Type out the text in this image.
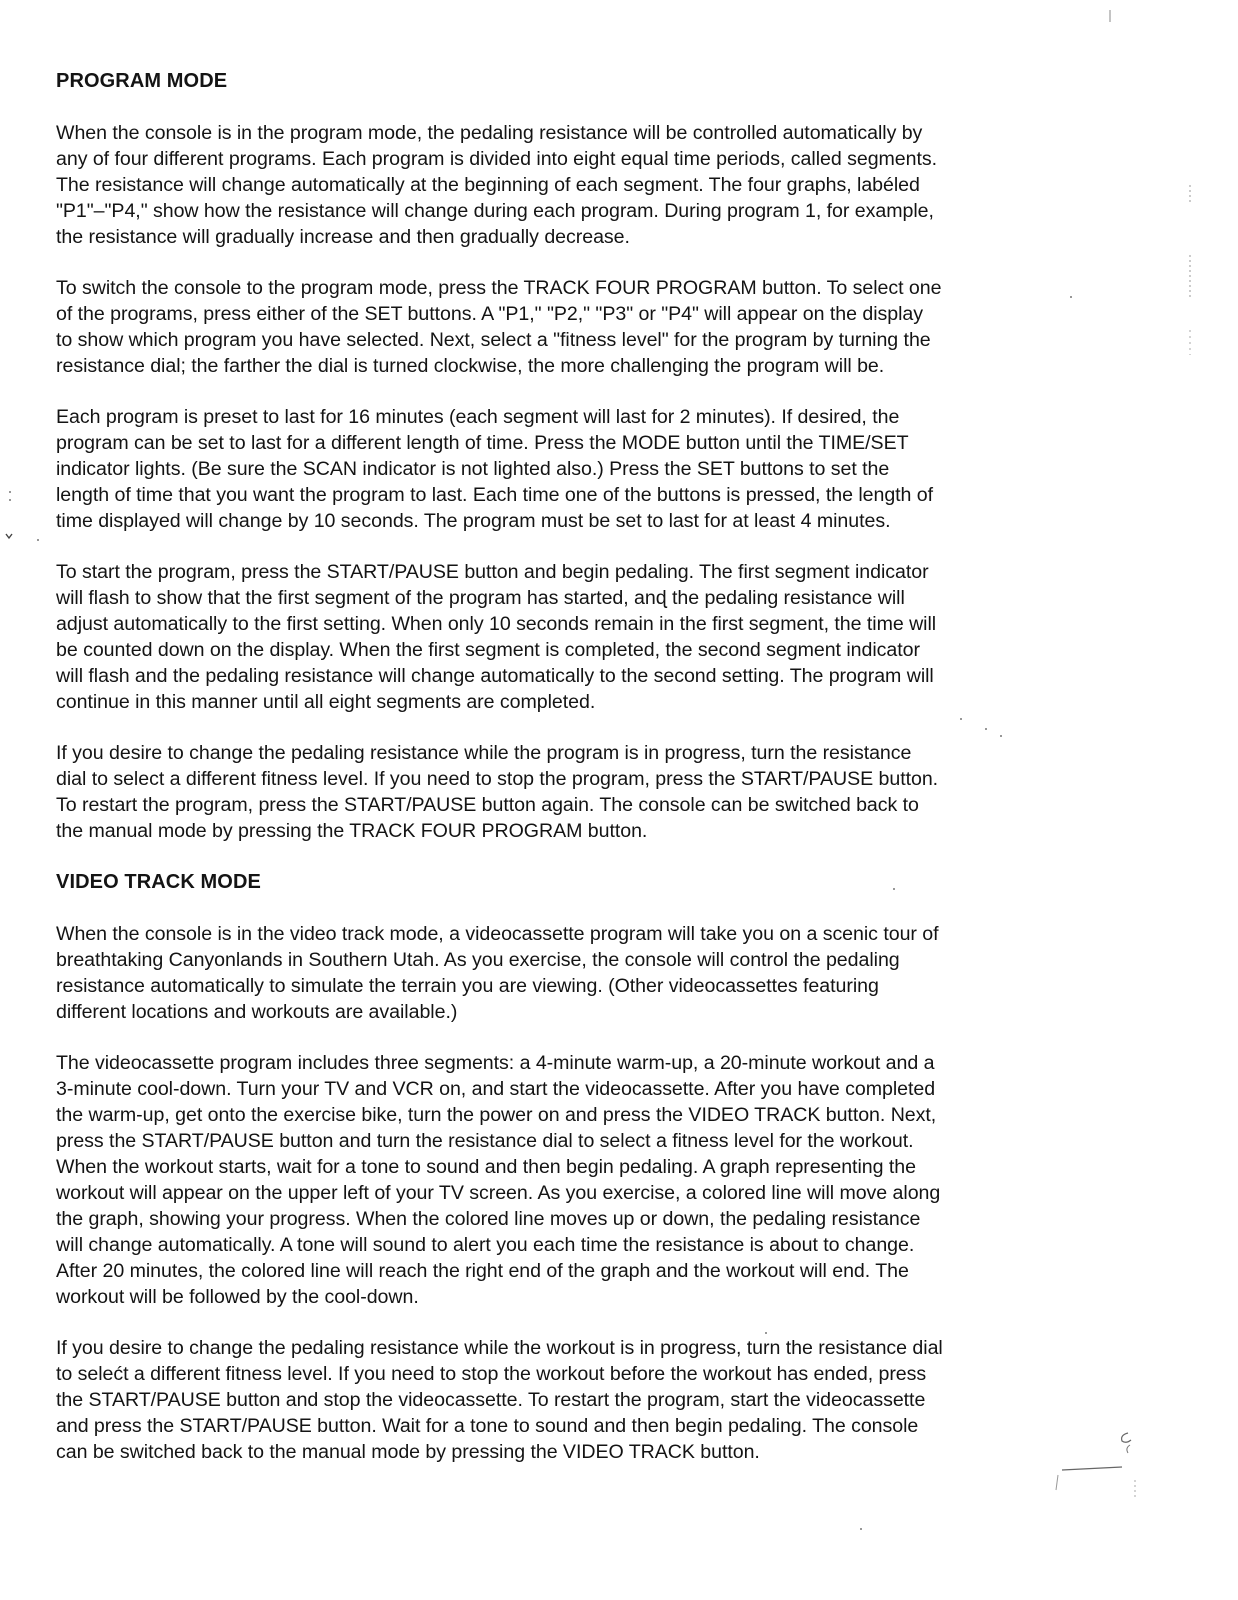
PROGRAM MODE
When the console is in the program mode, the pedaling resistance will be controlled automatically by
any of four different programs. Each program is divided into eight equal time periods, called segments.
The resistance will change automatically at the beginning of each segment. The four graphs, labéled
"P1"–"P4," show how the resistance will change during each program. During program 1, for example,
the resistance will gradually increase and then gradually decrease.
To switch the console to the program mode, press the TRACK FOUR PROGRAM button. To select one
of the programs, press either of the SET buttons. A "P1," "P2," "P3" or "P4" will appear on the display
to show which program you have selected. Next, select a "fitness level" for the program by turning the
resistance dial; the farther the dial is turned clockwise, the more challenging the program will be.
Each program is preset to last for 16 minutes (each segment will last for 2 minutes). If desired, the
program can be set to last for a different length of time. Press the MODE button until the TIME/SET
indicator lights. (Be sure the SCAN indicator is not lighted also.) Press the SET buttons to set the
length of time that you want the program to last. Each time one of the buttons is pressed, the length of
time displayed will change by 10 seconds. The program must be set to last for at least 4 minutes.
To start the program, press the START/PAUSE button and begin pedaling. The first segment indicator
will flash to show that the first segment of the program has started, anɖ the pedaling resistance will
adjust automatically to the first setting. When only 10 seconds remain in the first segment, the time will
be counted down on the display. When the first segment is completed, the second segment indicator
will flash and the pedaling resistance will change automatically to the second setting. The program will
continue in this manner until all eight segments are completed.
If you desire to change the pedaling resistance while the program is in progress, turn the resistance
dial to select a different fitness level. If you need to stop the program, press the START/PAUSE button.
To restart the program, press the START/PAUSE button again. The console can be switched back to
the manual mode by pressing the TRACK FOUR PROGRAM button.
VIDEO TRACK MODE
When the console is in the video track mode, a videocassette program will take you on a scenic tour of
breathtaking Canyonlands in Southern Utah. As you exercise, the console will control the pedaling
resistance automatically to simulate the terrain you are viewing. (Other videocassettes featuring
different locations and workouts are available.)
The videocassette program includes three segments: a 4-minute warm-up, a 20-minute workout and a
3-minute cool-down. Turn your TV and VCR on, and start the videocassette. After you have completed
the warm-up, get onto the exercise bike, turn the power on and press the VIDEO TRACK button. Next,
press the START/PAUSE button and turn the resistance dial to select a fitness level for the workout.
When the workout starts, wait for a tone to sound and then begin pedaling. A graph representing the
workout will appear on the upper left of your TV screen. As you exercise, a colored line will move along
the graph, showing your progress. When the colored line moves up or down, the pedaling resistance
will change automatically. A tone will sound to alert you each time the resistance is about to change.
After 20 minutes, the colored line will reach the right end of the graph and the workout will end. The
workout will be followed by the cool-down.
If you desire to change the pedaling resistance while the workout is in progress, turn the resistance dial
to selećt a different fitness level. If you need to stop the workout before the workout has ended, press
the START/PAUSE button and stop the videocassette. To restart the program, start the videocassette
and press the START/PAUSE button. Wait for a tone to sound and then begin pedaling. The console
can be switched back to the manual mode by pressing the VIDEO TRACK button.
